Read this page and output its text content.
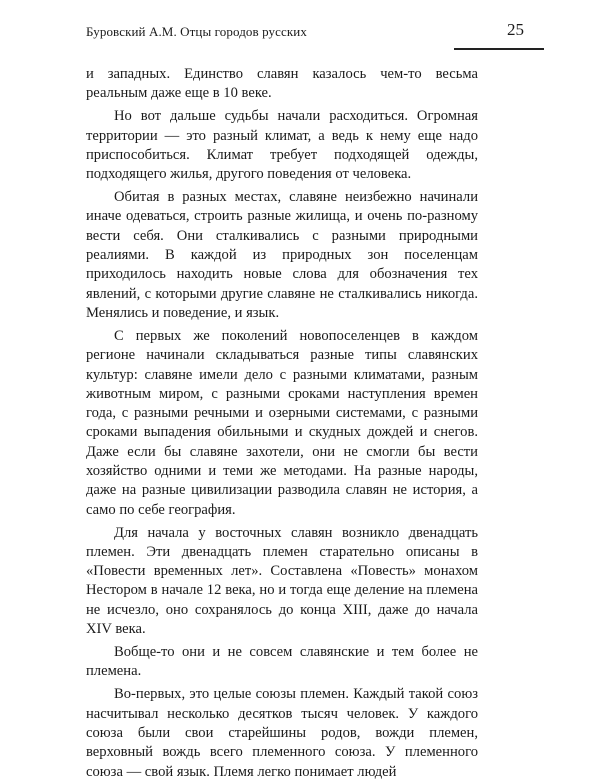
Буровский А.М. Отцы городов русских	25

и западных. Единство славян казалось чем-то весьма реальным даже еще в 10 веке.

Но вот дальше судьбы начали расходиться. Огромная территории — это разный климат, а ведь к нему еще надо приспособиться. Климат требует подходящей одежды, подходящего жилья, другого поведения от человека.

Обитая в разных местах, славяне неизбежно начинали иначе одеваться, строить разные жилища, и очень по-разному вести себя. Они сталкивались с разными природными реалиями. В каждой из природных зон поселенцам приходилось находить новые слова для обозначения тех явлений, с которыми другие славяне не сталкивались никогда. Менялись и поведение, и язык.

С первых же поколений новопоселенцев в каждом регионе начинали складываться разные типы славянских культур: славяне имели дело с разными климатами, разным животным миром, с разными сроками наступления времен года, с разными речными и озерными системами, с разными сроками выпадения обильными и скудных дождей и снегов. Даже если бы славяне захотели, они не смогли бы вести хозяйство одними и теми же методами. На разные народы, даже на разные цивилизации разводила славян не история, а само по себе география.

Для начала у восточных славян возникло двенадцать племен. Эти двенадцать племен старательно описаны в «Повести временных лет». Составлена «Повесть» монахом Нестором в начале 12 века, но и тогда еще деление на племена не исчезло, оно сохранялось до конца XIII, даже до начала XIV века.

Вобще-то они и не совсем славянские и тем более не племена.

Во-первых, это целые союзы племен. Каждый такой союз насчитывал несколько десятков тысяч человек. У каждого союза были свои старейшины родов, вожди племен, верховный вождь всего племенного союза. У племенного союза — свой язык. Племя легко понимает людей
